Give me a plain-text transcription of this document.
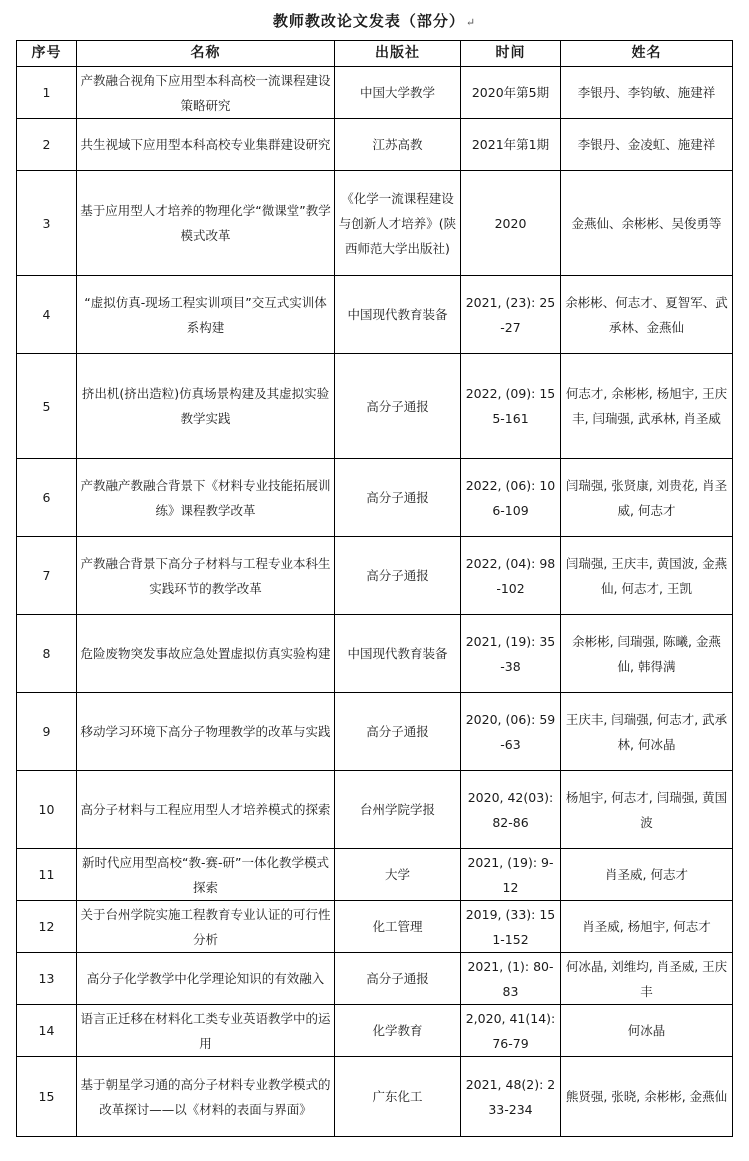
教师教改论文发表（部分）↵
序号	名称	出版社	时间	姓名
1	产教融合视角下应用型本科高校一流课程建设策略研究	中国大学教学	2020年第5期	李银丹、李钧敏、施建祥
2	共生视域下应用型本科高校专业集群建设研究	江苏高教	2021年第1期	李银丹、金凌虹、施建祥
3	基于应用型人才培养的物理化学“微课堂”教学模式改革	《化学一流课程建设与创新人才培养》(陕西师范大学出版社)	2020	金燕仙、余彬彬、吴俊勇等
4	“虚拟仿真-现场工程实训项目”交互式实训体系构建	中国现代教育装备	2021, (23): 25-27	余彬彬、何志才、夏智军、武承林、金燕仙
5	挤出机(挤出造粒)仿真场景构建及其虚拟实验教学实践	高分子通报	2022, (09): 155-161	何志才, 余彬彬, 杨旭宇, 王庆丰, 闫瑞强, 武承林, 肖圣威
6	产教融产教融合背景下《材料专业技能拓展训练》课程教学改革	高分子通报	2022, (06): 106-109	闫瑞强, 张贤康, 刘贵花, 肖圣威, 何志才
7	产教融合背景下高分子材料与工程专业本科生实践环节的教学改革	高分子通报	2022, (04): 98-102	闫瑞强, 王庆丰, 黄国波, 金燕仙, 何志才, 王凯
8	危险废物突发事故应急处置虚拟仿真实验构建	中国现代教育装备	2021, (19): 35-38	余彬彬, 闫瑞强, 陈曦, 金燕仙, 韩得满
9	移动学习环境下高分子物理教学的改革与实践	高分子通报	2020, (06): 59-63	王庆丰, 闫瑞强, 何志才, 武承林, 何冰晶
10	高分子材料与工程应用型人才培养模式的探索	台州学院学报	2020, 42(03): 82-86	杨旭宇, 何志才, 闫瑞强, 黄国波
11	新时代应用型高校“教-赛-研”一体化教学模式探索	大学	2021, (19): 9-12	肖圣威, 何志才
12	关于台州学院实施工程教育专业认证的可行性分析	化工管理	2019, (33): 151-152	肖圣威, 杨旭宇, 何志才
13	高分子化学教学中化学理论知识的有效融入	高分子通报	2021, (1): 80-83	何冰晶, 刘维均, 肖圣威, 王庆丰
14	语言正迁移在材料化工类专业英语教学中的运用	化学教育	2,020, 41(14): 76-79	何冰晶
15	基于朝星学习通的高分子材料专业教学模式的改革探讨——以《材料的表面与界面》	广东化工	2021, 48(2): 233-234	熊贤强, 张晓, 余彬彬, 金燕仙
